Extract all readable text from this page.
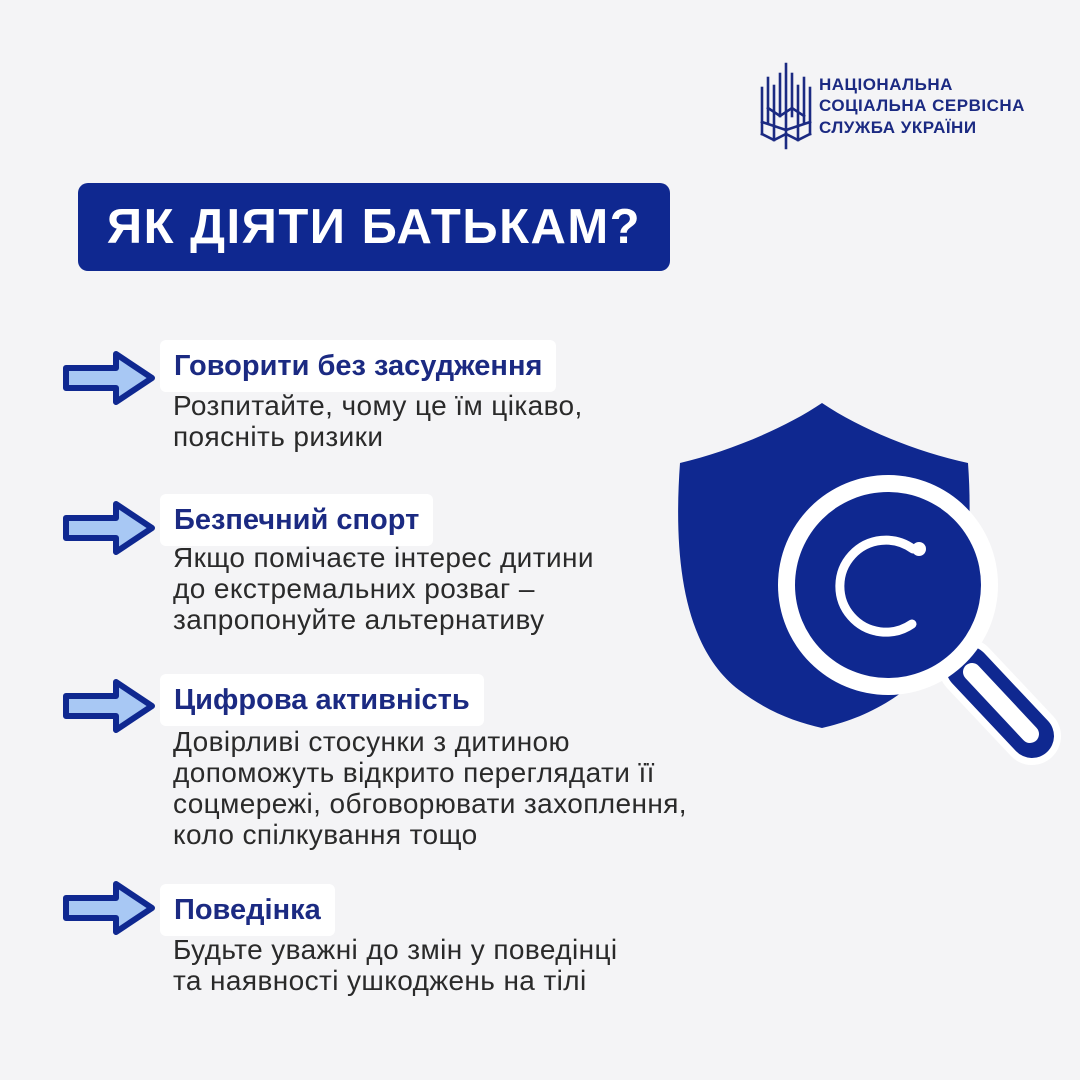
НАЦІОНАЛЬНА
СОЦІАЛЬНА СЕРВІСНА
СЛУЖБА УКРАЇНИ
ЯК ДІЯТИ БАТЬКАМ?
Говорити без засудження
Розпитайте, чому це їм цікаво,
поясніть ризики
Безпечний спорт
Якщо помічаєте інтерес дитини
до екстремальних розваг –
запропонуйте альтернативу
Цифрова активність
Довірливі стосунки з дитиною
допоможуть відкрито переглядати її
соцмережі, обговорювати захоплення,
коло спілкування тощо
Поведінка
Будьте уважні до змін у поведінці
та наявності ушкоджень на тілі
